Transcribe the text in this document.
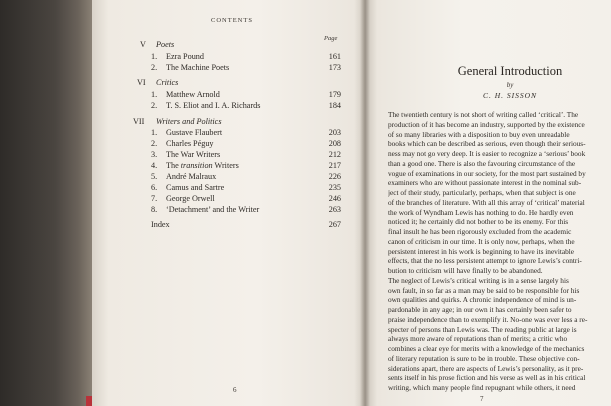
CONTENTS
Page
V Poets
1. Ezra Pound	161
2. The Machine Poets	173
VI Critics
1. Matthew Arnold	179
2. T. S. Eliot and I. A. Richards	184
VII Writers and Politics
1. Gustave Flaubert	203
2. Charles Péguy	208
3. The War Writers	212
4. The transition Writers	217
5. André Malraux	226
6. Camus and Sartre	235
7. George Orwell	246
8. ‘Detachment’ and the Writer	263
Index	267
6
General Introduction
by
C. H. SISSON
The twentieth century is not short of writing called ‘critical’. The
production of it has become an industry, supported by the existence
of so many libraries with a disposition to buy even unreadable
books which can be described as serious, even though their serious-
ness may not go very deep. It is easier to recognize a ‘serious’ book
than a good one. There is also the favouring circumstance of the
vogue of examinations in our society, for the most part sustained by
examiners who are without passionate interest in the nominal sub-
ject of their study, particularly, perhaps, when that subject is one
of the branches of literature. With all this array of ‘critical’ material
the work of Wyndham Lewis has nothing to do. He hardly even
noticed it; he certainly did not bother to be its enemy. For this
final insult he has been rigorously excluded from the academic
canon of criticism in our time. It is only now, perhaps, when the
persistent interest in his work is beginning to have its inevitable
effects, that the no less persistent attempt to ignore Lewis’s contri-
bution to criticism will have finally to be abandoned.
The neglect of Lewis’s critical writing is in a sense largely his
own fault, in so far as a man may be said to be responsible for his
own qualities and quirks. A chronic independence of mind is un-
pardonable in any age; in our own it has certainly been safer to
praise independence than to exemplify it. No-one was ever less a re-
specter of persons than Lewis was. The reading public at large is
always more aware of reputations than of merits; a critic who
combines a clear eye for merits with a knowledge of the mechanics
of literary reputation is sure to be in trouble. These objective con-
siderations apart, there are aspects of Lewis’s personality, as it pre-
sents itself in his prose fiction and his verse as well as in his critical
writing, which many people find repugnant while others, it need
7
